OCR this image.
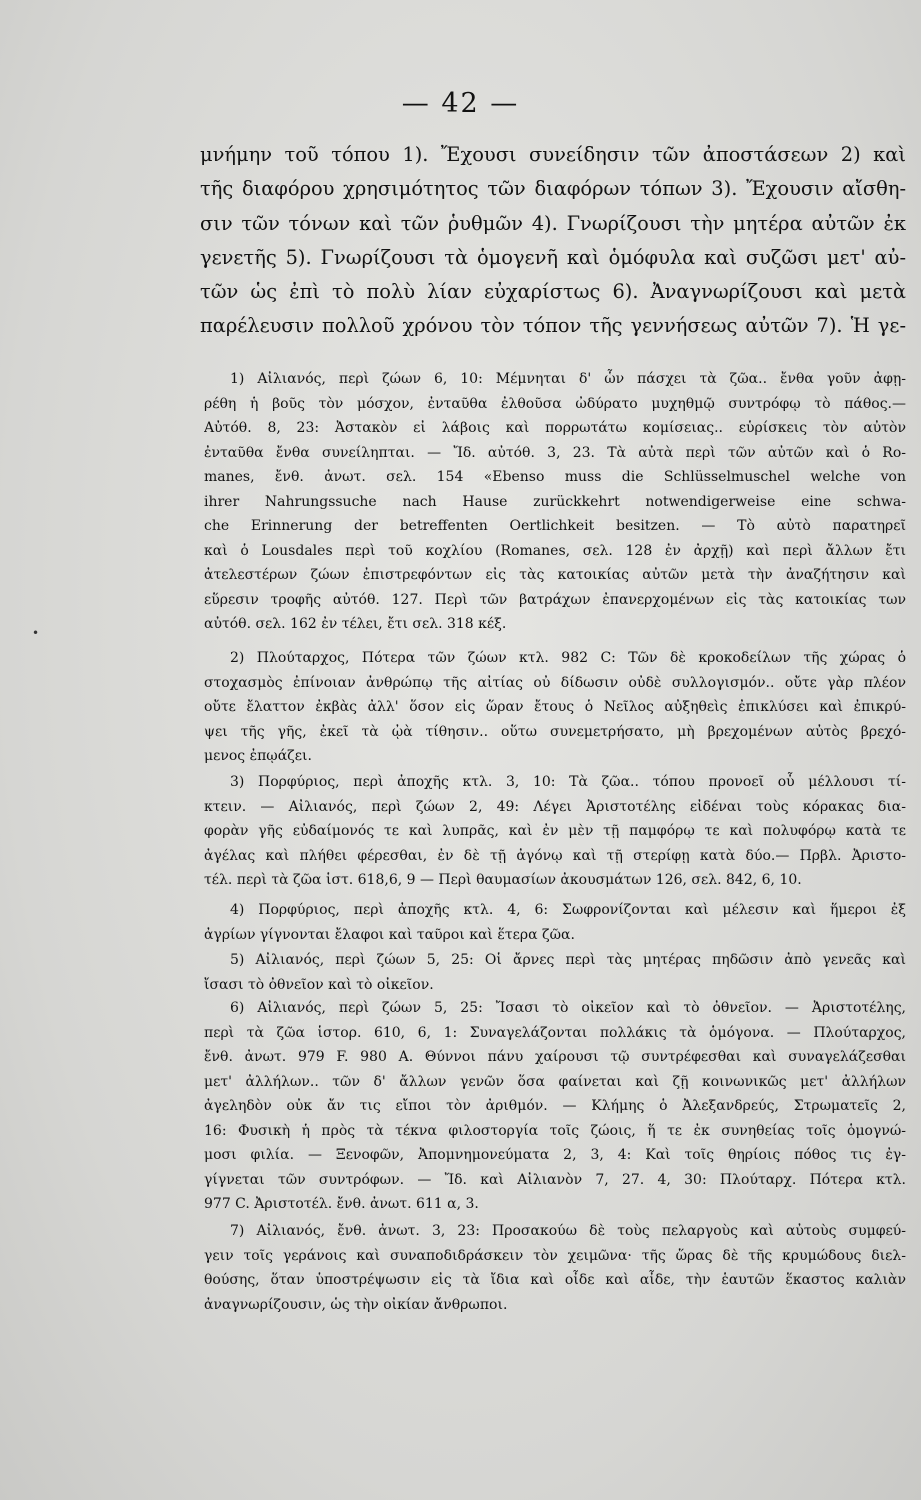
— 42 —
μνήμην τοῦ τόπου 1). Ἔχουσι συνείδησιν τῶν ἀποστάσεων 2) καὶ
τῆς διαφόρου χρησιμότητος τῶν διαφόρων τόπων 3). Ἔχουσιν αἴσθη-
σιν τῶν τόνων καὶ τῶν ῥυθμῶν 4). Γνωρίζουσι τὴν μητέρα αὐτῶν ἐκ
γενετῆς 5). Γνωρίζουσι τὰ ὁμογενῆ καὶ ὁμόφυλα καὶ συζῶσι μετ' αὐ-
τῶν ὡς ἐπὶ τὸ πολὺ λίαν εὐχαρίστως 6). Ἀναγνωρίζουσι καὶ μετὰ
παρέλευσιν πολλοῦ χρόνου τὸν τόπον τῆς γεννήσεως αὐτῶν 7). Ἡ γε-
1) Αἰλιανός, περὶ ζώων 6, 10: Μέμνηται δ' ὧν πάσχει τὰ ζῶα.. ἔνθα γοῦν ἀφῃ-
ρέθη ἡ βοῦς τὸν μόσχον, ἐνταῦθα ἐλθοῦσα ὠδύρατο μυχηθμῷ συντρόφῳ τὸ πάθος.—
Αὐτόθ. 8, 23: Ἀστακὸν εἰ λάβοις καὶ πορρωτάτω κομίσειας.. εὑρίσκεις τὸν αὐτὸν
ἐνταῦθα ἔνθα συνείληπται. — Ἴδ. αὐτόθ. 3, 23. Τὰ αὐτὰ περὶ τῶν αὐτῶν καὶ ὁ Ro-
manes, ἔνθ. ἀνωτ. σελ. 154 «Ebenso muss die Schlüsselmuschel welche von
ihrer Nahrungssuche nach Hause zurückkehrt notwendigerweise eine schwa-
che Erinnerung der betreffenten Oertlichkeit besitzen. — Τὸ αὐτὸ παρατηρεῖ
καὶ ὁ Lousdales περὶ τοῦ κοχλίου (Romanes, σελ. 128 ἐν ἀρχῇ) καὶ περὶ ἄλλων ἔτι
ἀτελεστέρων ζώων ἐπιστρεφόντων εἰς τὰς κατοικίας αὐτῶν μετὰ τὴν ἀναζήτησιν καὶ
εὕρεσιν τροφῆς αὐτόθ. 127. Περὶ τῶν βατράχων ἐπανερχομένων εἰς τὰς κατοικίας των
αὐτόθ. σελ. 162 ἐν τέλει, ἔτι σελ. 318 κέξ.
2) Πλούταρχος, Πότερα τῶν ζώων κτλ. 982 C: Τῶν δὲ κροκοδείλων τῆς χώρας ὁ
στοχασμὸς ἐπίνοιαν ἀνθρώπῳ τῆς αἰτίας οὐ δίδωσιν οὐδὲ συλλογισμόν.. οὔτε γὰρ πλέον
οὔτε ἔλαττον ἐκβὰς ἀλλ' ὅσον εἰς ὥραν ἔτους ὁ Νεῖλος αὐξηθεὶς ἐπικλύσει καὶ ἐπικρύ-
ψει τῆς γῆς, ἐκεῖ τὰ ᾠὰ τίθησιν.. οὕτω συνεμετρήσατο, μὴ βρεχομένων αὐτὸς βρεχό-
μενος ἐπῳάζει.
3) Πορφύριος, περὶ ἀποχῆς κτλ. 3, 10: Τὰ ζῶα.. τόπου προνοεῖ οὗ μέλλουσι τί-
κτειν. — Αἰλιανός, περὶ ζώων 2, 49: Λέγει Ἀριστοτέλης εἰδέναι τοὺς κόρακας δια-
φορὰν γῆς εὐδαίμονός τε καὶ λυπρᾶς, καὶ ἐν μὲν τῇ παμφόρῳ τε καὶ πολυφόρῳ κατὰ τε
ἀγέλας καὶ πλήθει φέρεσθαι, ἐν δὲ τῇ ἀγόνῳ καὶ τῇ στερίφῃ κατὰ δύο.— Πρβλ. Ἀριστο-
τέλ. περὶ τὰ ζῶα ἱστ. 618,6, 9 — Περὶ θαυμασίων ἀκουσμάτων 126, σελ. 842, 6, 10.
4) Πορφύριος, περὶ ἀποχῆς κτλ. 4, 6: Σωφρονίζονται καὶ μέλεσιν καὶ ἥμεροι ἐξ
ἀγρίων γίγνονται ἔλαφοι καὶ ταῦροι καὶ ἕτερα ζῶα.
5) Αἰλιανός, περὶ ζώων 5, 25: Οἱ ἄρνες περὶ τὰς μητέρας πηδῶσιν ἀπὸ γενεᾶς καὶ
ἴσασι τὸ ὀθνεῖον καὶ τὸ οἰκεῖον.
6) Αἰλιανός, περὶ ζώων 5, 25: Ἴσασι τὸ οἰκεῖον καὶ τὸ ὀθνεῖον. — Ἀριστοτέλης,
περὶ τὰ ζῶα ἱστορ. 610, 6, 1: Συναγελάζονται πολλάκις τὰ ὁμόγονα. — Πλούταρχος,
ἔνθ. ἀνωτ. 979 F. 980 A. Θύννοι πάνυ χαίρουσι τῷ συντρέφεσθαι καὶ συναγελάζεσθαι
μετ' ἀλλήλων.. τῶν δ' ἄλλων γενῶν ὅσα φαίνεται καὶ ζῇ κοινωνικῶς μετ' ἀλλήλων
ἀγεληδὸν οὐκ ἄν τις εἴποι τὸν ἀριθμόν. — Κλήμης ὁ Ἀλεξανδρεύς, Στρωματεῖς 2,
16: Φυσικὴ ἡ πρὸς τὰ τέκνα φιλοστοργία τοῖς ζώοις, ἥ τε ἐκ συνηθείας τοῖς ὁμογνώ-
μοσι φιλία. — Ξενοφῶν, Ἀπομνημονεύματα 2, 3, 4: Καὶ τοῖς θηρίοις πόθος τις ἐγ-
γίγνεται τῶν συντρόφων. — Ἴδ. καὶ Αἰλιανὸν 7, 27. 4, 30: Πλούταρχ. Πότερα κτλ.
977 C. Ἀριστοτέλ. ἔνθ. ἀνωτ. 611 α, 3.
7) Αἰλιανός, ἔνθ. ἀνωτ. 3, 23: Προσακούω δὲ τοὺς πελαργοὺς καὶ αὐτοὺς συμφεύ-
γειν τοῖς γεράνοις καὶ συναποδιδράσκειν τὸν χειμῶνα· τῆς ὥρας δὲ τῆς κρυμώδους διελ-
θούσης, ὅταν ὑποστρέψωσιν εἰς τὰ ἴδια καὶ οἶδε καὶ αἶδε, τὴν ἑαυτῶν ἕκαστος καλιὰν
ἀναγνωρίζουσιν, ὡς τὴν οἰκίαν ἄνθρωποι.
•
